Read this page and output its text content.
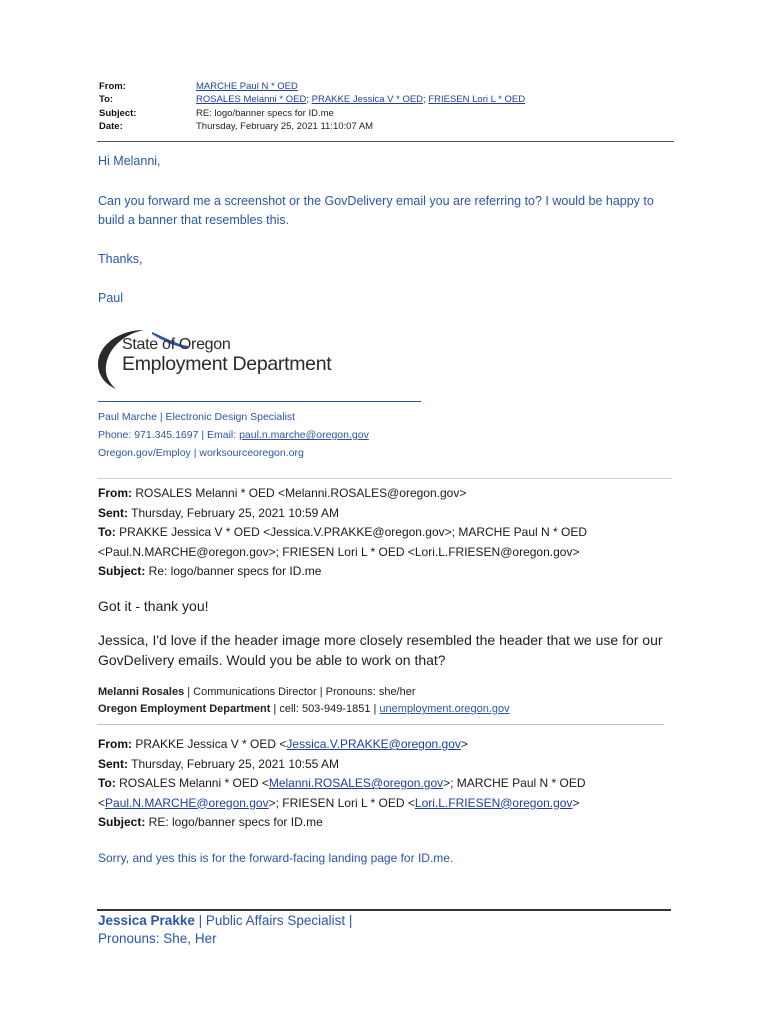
From:	MARCHE Paul N * OED
To:	ROSALES Melanni * OED; PRAKKE Jessica V * OED; FRIESEN Lori L * OED
Subject:	RE: logo/banner specs for ID.me
Date:	Thursday, February 25, 2021 11:10:07 AM
Hi Melanni,
Can you forward me a screenshot or the GovDelivery email you are referring to? I would be happy to
build a banner that resembles this.
Thanks,
Paul
State of Oregon
Employment Department
Paul Marche | Electronic Design Specialist
Phone: 971.345.1697 | Email: paul.n.marche@oregon.gov
Oregon.gov/Employ | worksourceoregon.org
From: ROSALES Melanni * OED <Melanni.ROSALES@oregon.gov>
Sent: Thursday, February 25, 2021 10:59 AM
To: PRAKKE Jessica V * OED <Jessica.V.PRAKKE@oregon.gov>; MARCHE Paul N * OED
<Paul.N.MARCHE@oregon.gov>; FRIESEN Lori L * OED <Lori.L.FRIESEN@oregon.gov>
Subject: Re: logo/banner specs for ID.me
Got it - thank you!
Jessica, I'd love if the header image more closely resembled the header that we use for our
GovDelivery emails. Would you be able to work on that?
Melanni Rosales | Communications Director | Pronouns: she/her
Oregon Employment Department | cell: 503-949-1851 | unemployment.oregon.gov
From: PRAKKE Jessica V * OED <Jessica.V.PRAKKE@oregon.gov>
Sent: Thursday, February 25, 2021 10:55 AM
To: ROSALES Melanni * OED <Melanni.ROSALES@oregon.gov>; MARCHE Paul N * OED
<Paul.N.MARCHE@oregon.gov>; FRIESEN Lori L * OED <Lori.L.FRIESEN@oregon.gov>
Subject: RE: logo/banner specs for ID.me
Sorry, and yes this is for the forward-facing landing page for ID.me.
Jessica Prakke | Public Affairs Specialist |
Pronouns: She, Her
